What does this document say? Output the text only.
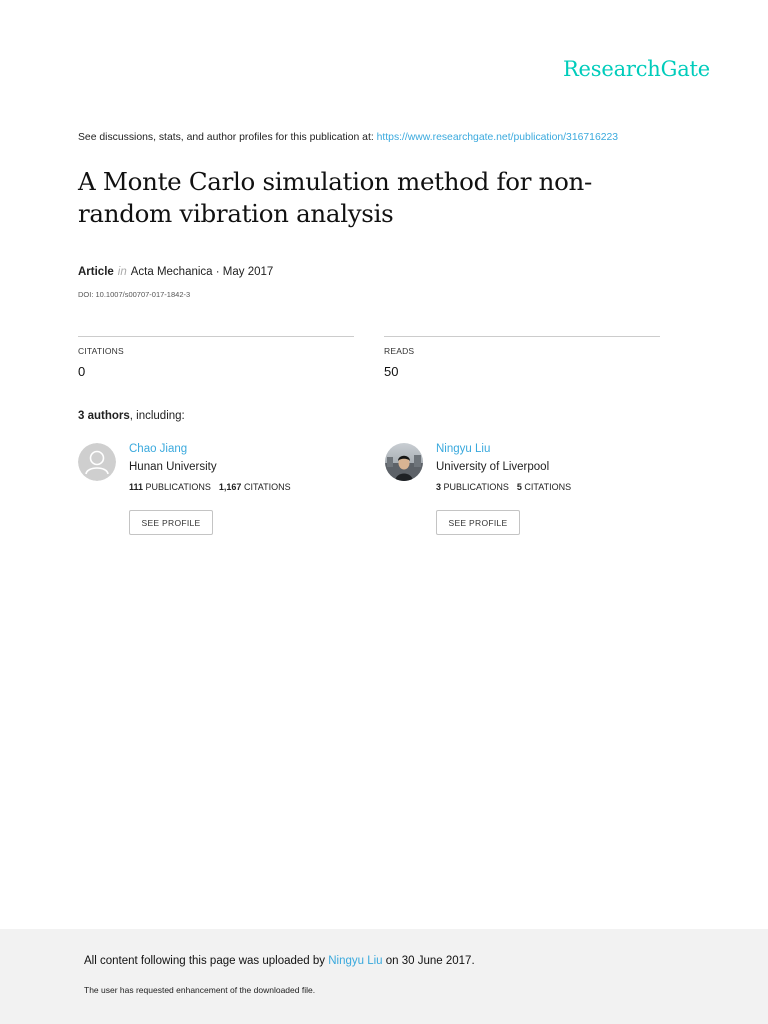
ResearchGate
See discussions, stats, and author profiles for this publication at: https://www.researchgate.net/publication/316716223
A Monte Carlo simulation method for non-random vibration analysis
Article in Acta Mechanica · May 2017
DOI: 10.1007/s00707-017-1842-3
CITATIONS
0
READS
50
3 authors, including:
Chao Jiang
Hunan University
111 PUBLICATIONS 1,167 CITATIONS
SEE PROFILE
Ningyu Liu
University of Liverpool
3 PUBLICATIONS 5 CITATIONS
SEE PROFILE
All content following this page was uploaded by Ningyu Liu on 30 June 2017.
The user has requested enhancement of the downloaded file.
